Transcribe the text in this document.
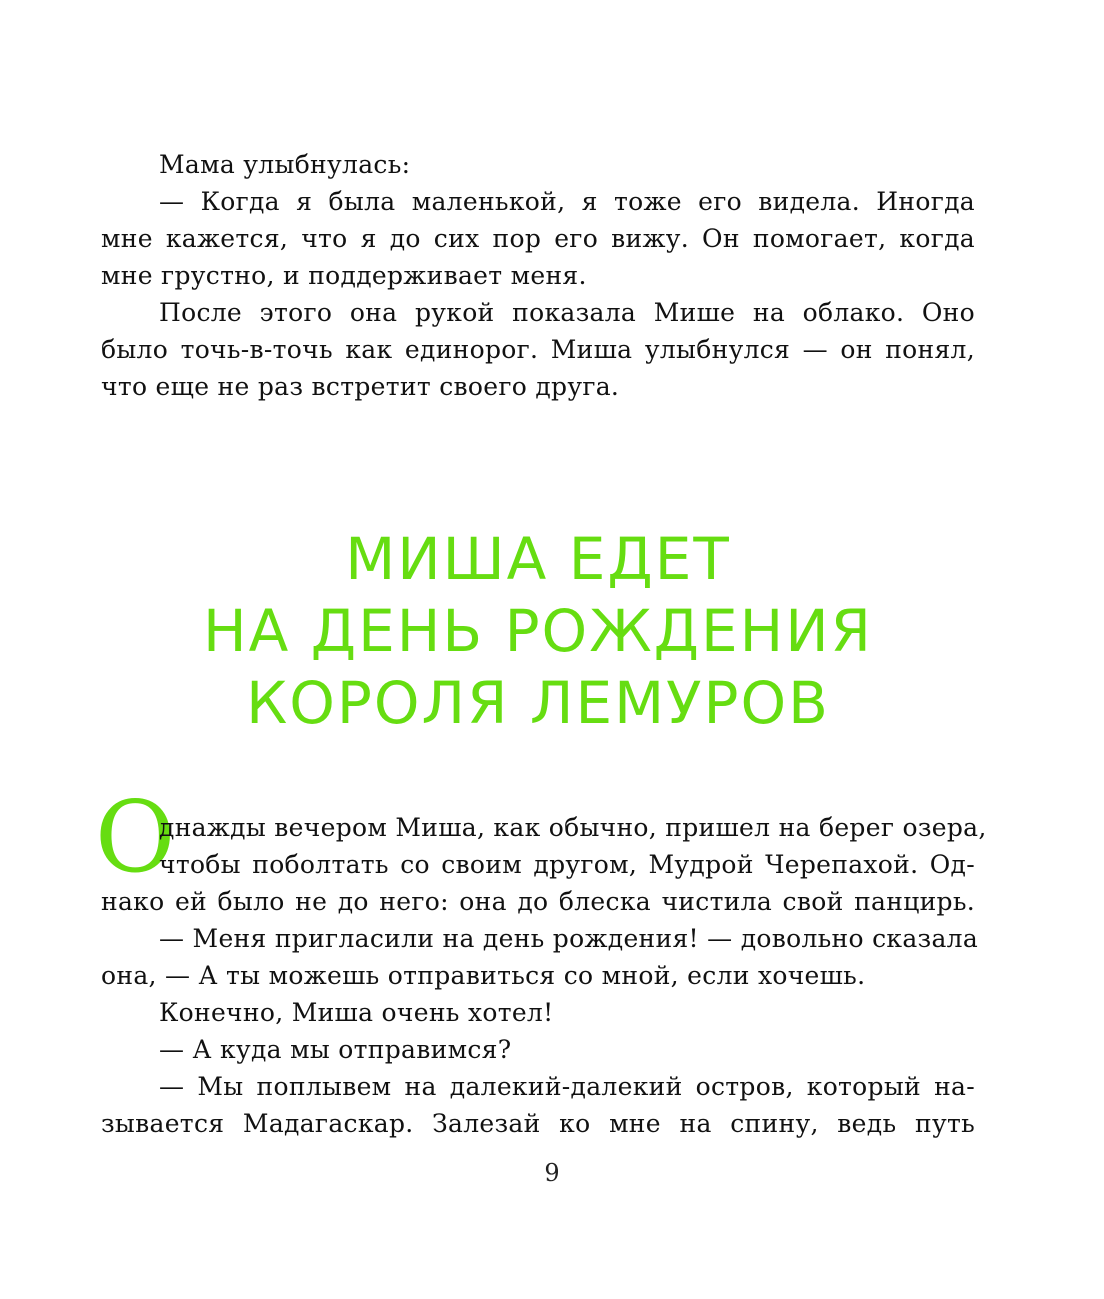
Мама улыбнулась:
— Когда я была маленькой, я тоже его видела. Иногда
мне кажется, что я до сих пор его вижу. Он помогает, когда
мне грустно, и поддерживает меня.
После этого она рукой показала Мише на облако. Оно
было точь-в-точь как единорог. Миша улыбнулся — он понял,
что еще не раз встретит своего друга.
МИША ЕДЕТ
НА ДЕНЬ РОЖДЕНИЯ
КОРОЛЯ ЛЕМУРОВ
О
днажды вечером Миша, как обычно, пришел на берег озера,
чтобы поболтать со своим другом, Мудрой Черепахой. Од-
нако ей было не до него: она до блеска чистила свой панцирь.
— Меня пригласили на день рождения! — довольно сказала
она, — А ты можешь отправиться со мной, если хочешь.
Конечно, Миша очень хотел!
— А куда мы отправимся?
— Мы поплывем на далекий-далекий остров, который на-
зывается Мадагаскар. Залезай ко мне на спину, ведь путь
9
